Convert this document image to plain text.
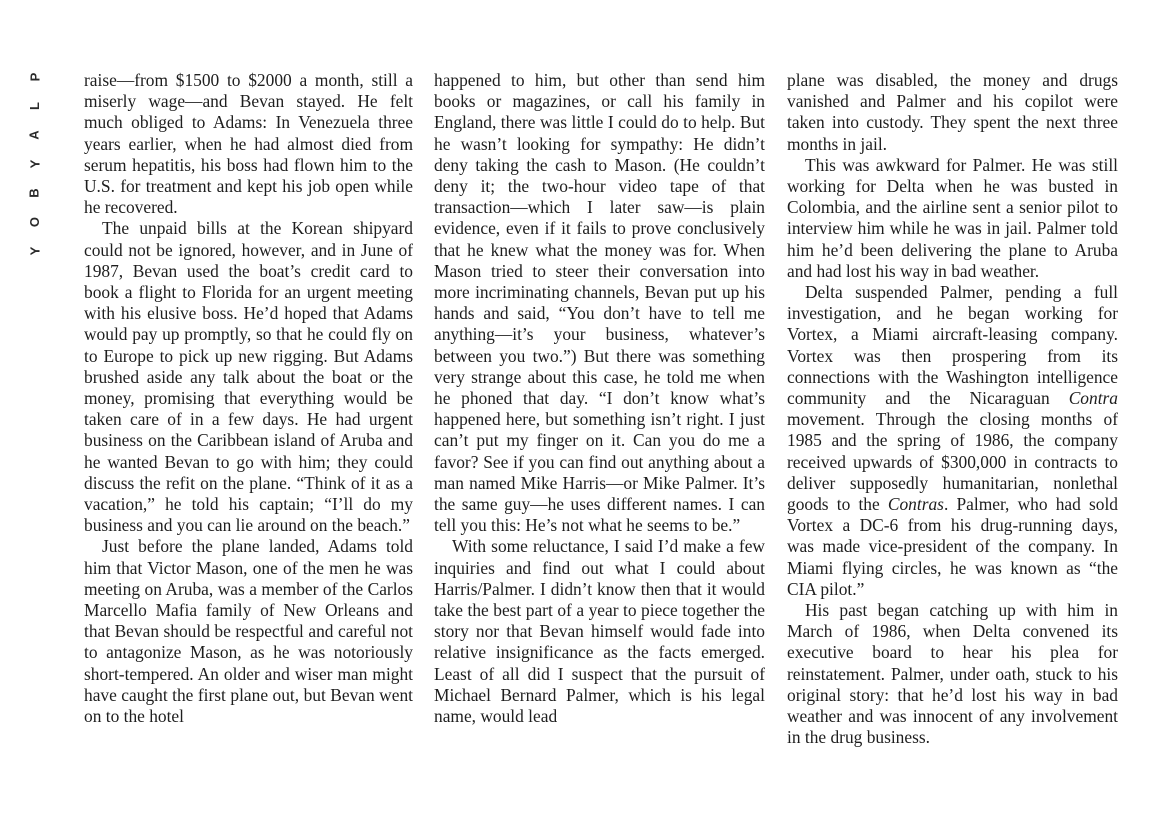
P
L
A
Y
B
O
Y

raise—from $1500 to $2000 a month, still a miserly wage—and Bevan stayed. He felt much obliged to Adams: In Venezuela three years earlier, when he had almost died from serum hepatitis, his boss had flown him to the U.S. for treatment and kept his job open while he recovered.

The unpaid bills at the Korean shipyard could not be ignored, however, and in June of 1987, Bevan used the boat’s credit card to book a flight to Florida for an urgent meeting with his elusive boss. He’d hoped that Adams would pay up promptly, so that he could fly on to Europe to pick up new rigging. But Adams brushed aside any talk about the boat or the money, promising that everything would be taken care of in a few days. He had urgent business on the Caribbean island of Aruba and he wanted Bevan to go with him; they could discuss the refit on the plane. “Think of it as a vacation,” he told his captain; “I’ll do my business and you can lie around on the beach.”

Just before the plane landed, Adams told him that Victor Mason, one of the men he was meeting on Aruba, was a member of the Carlos Marcello Mafia family of New Orleans and that Bevan should be respectful and careful not to antagonize Mason, as he was notoriously short-tempered. An older and wiser man might have caught the first plane out, but Bevan went on to the hotel

happened to him, but other than send him books or magazines, or call his family in England, there was little I could do to help. But he wasn’t looking for sympathy: He didn’t deny taking the cash to Mason. (He couldn’t deny it; the two-hour video tape of that transaction—which I later saw—is plain evidence, even if it fails to prove conclusively that he knew what the money was for. When Mason tried to steer their conversation into more incriminating channels, Bevan put up his hands and said, “You don’t have to tell me anything—it’s your business, whatever’s between you two.”) But there was something very strange about this case, he told me when he phoned that day. “I don’t know what’s happened here, but something isn’t right. I just can’t put my finger on it. Can you do me a favor? See if you can find out anything about a man named Mike Harris—or Mike Palmer. It’s the same guy—he uses different names. I can tell you this: He’s not what he seems to be.”

With some reluctance, I said I’d make a few inquiries and find out what I could about Harris/Palmer. I didn’t know then that it would take the best part of a year to piece together the story nor that Bevan himself would fade into relative insignificance as the facts emerged. Least of all did I suspect that the pursuit of Michael Bernard Palmer, which is his legal name, would lead

plane was disabled, the money and drugs vanished and Palmer and his copilot were taken into custody. They spent the next three months in jail.

This was awkward for Palmer. He was still working for Delta when he was busted in Colombia, and the airline sent a senior pilot to interview him while he was in jail. Palmer told him he’d been delivering the plane to Aruba and had lost his way in bad weather.

Delta suspended Palmer, pending a full investigation, and he began working for Vortex, a Miami aircraft-leasing company. Vortex was then prospering from its connections with the Washington intelligence community and the Nicaraguan Contra movement. Through the closing months of 1985 and the spring of 1986, the company received upwards of $300,000 in contracts to deliver supposedly humanitarian, nonlethal goods to the Contras. Palmer, who had sold Vortex a DC-6 from his drug-running days, was made vice-president of the company. In Miami flying circles, he was known as “the CIA pilot.”

His past began catching up with him in March of 1986, when Delta convened its executive board to hear his plea for reinstatement. Palmer, under oath, stuck to his original story: that he’d lost his way in bad weather and was innocent of any involvement in the drug business.
